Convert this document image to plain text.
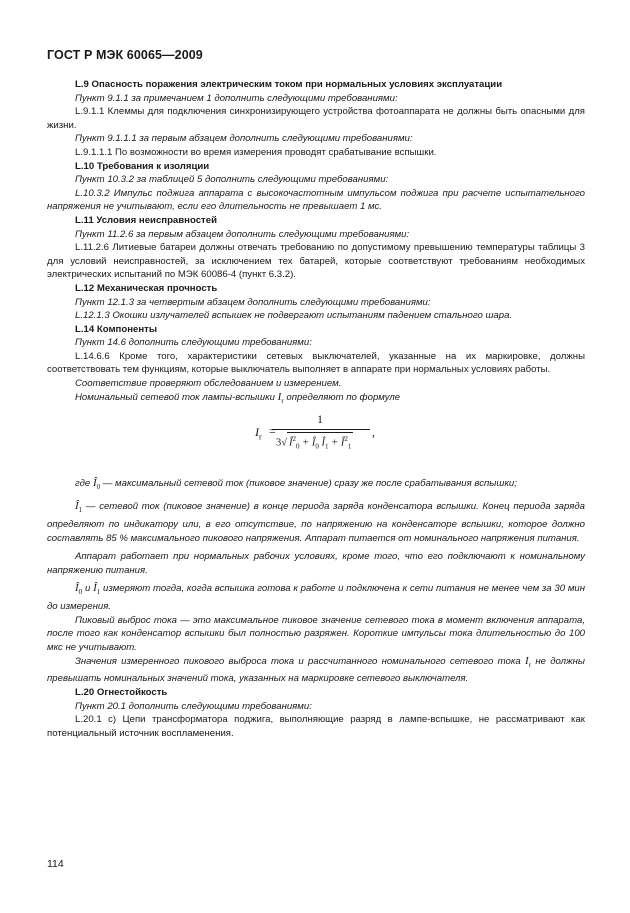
ГОСТ Р МЭК 60065—2009

L.9 Опасность поражения электрическим током при нормальных условиях эксплуатации

Пункт 9.1.1 за примечанием 1 дополнить следующими требованиями:

L.9.1.1 Клеммы для подключения синхронизирующего устройства фотоаппарата не должны быть опасными для жизни.

Пункт 9.1.1.1 за первым абзацем дополнить следующими требованиями:

L.9.1.1.1 По возможности во время измерения проводят срабатывание вспышки.

L.10 Требования к изоляции

Пункт 10.3.2 за таблицей 5 дополнить следующими требованиями:

L.10.3.2 Импульс поджига аппарата с высокочастотным импульсом поджига при расчете испытательного напряжения не учитывают, если его длительность не превышает 1 мс.

L.11 Условия неисправностей

Пункт 11.2.6 за первым абзацем дополнить следующими требованиями:

L.11.2.6 Литиевые батареи должны отвечать требованию по допустимому превышению температуры таблицы 3 для условий неисправностей, за исключением тех батарей, которые соответствуют требованиям необходимых электрических испытаний по МЭК 60086-4 (пункт 6.3.2).

L.12 Механическая прочность

Пункт 12.1.3 за четвертым абзацем дополнить следующими требованиями:

L.12.1.3 Окошки излучателей вспышек не подвергают испытаниям падением стального шара.

L.14 Компоненты

Пункт 14.6 дополнить следующими требованиями:

L.14.6.6 Кроме того, характеристики сетевых выключателей, указанные на их маркировке, должны соответствовать тем функциям, которые выключатель выполняет в аппарате при нормальных условиях работы.

Соответствие проверяют обследованием и измерением.

Номинальный сетевой ток лампы-вспышки $I_r$ определяют по формуле

$I_r$ =
1
3√ $Î^2_0$ + $Î_0$ $Î_1$ + $Î^2_1$
,

где $Î_0$ — максимальный сетевой ток (пиковое значение) сразу же после срабатывания вспышки;

$Î_1$ — сетевой ток (пиковое значение) в конце периода заряда конденсатора вспышки. Конец периода заряда определяют по индикатору или, в его отсутствие, по напряжению на конденсаторе вспышки, которое должно составлять 85 % максимального пикового напряжения. Аппарат питается от номинального напряжения питания.

Аппарат работает при нормальных рабочих условиях, кроме того, что его подключают к номинальному напряжению питания.

$Î_0$ и $Î_1$ измеряют тогда, когда вспышка готова к работе и подключена к сети питания не менее чем за 30 мин до измерения.

Пиковый выброс тока — это максимальное пиковое значение сетевого тока в момент включения аппарата, после того как конденсатор вспышки был полностью разряжен. Короткие импульсы тока длительностью до 100 мкс не учитывают.

Значения измеренного пикового выброса тока и рассчитанного номинального сетевого тока $I_r$ не должны превышать номинальных значений тока, указанных на маркировке сетевого выключателя.

L.20 Огнестойкость

Пункт 20.1 дополнить следующими требованиями:

L.20.1 c) Цепи трансформатора поджига, выполняющие разряд в лампе-вспышке, не рассматривают как потенциальный источник воспламенения.

114
